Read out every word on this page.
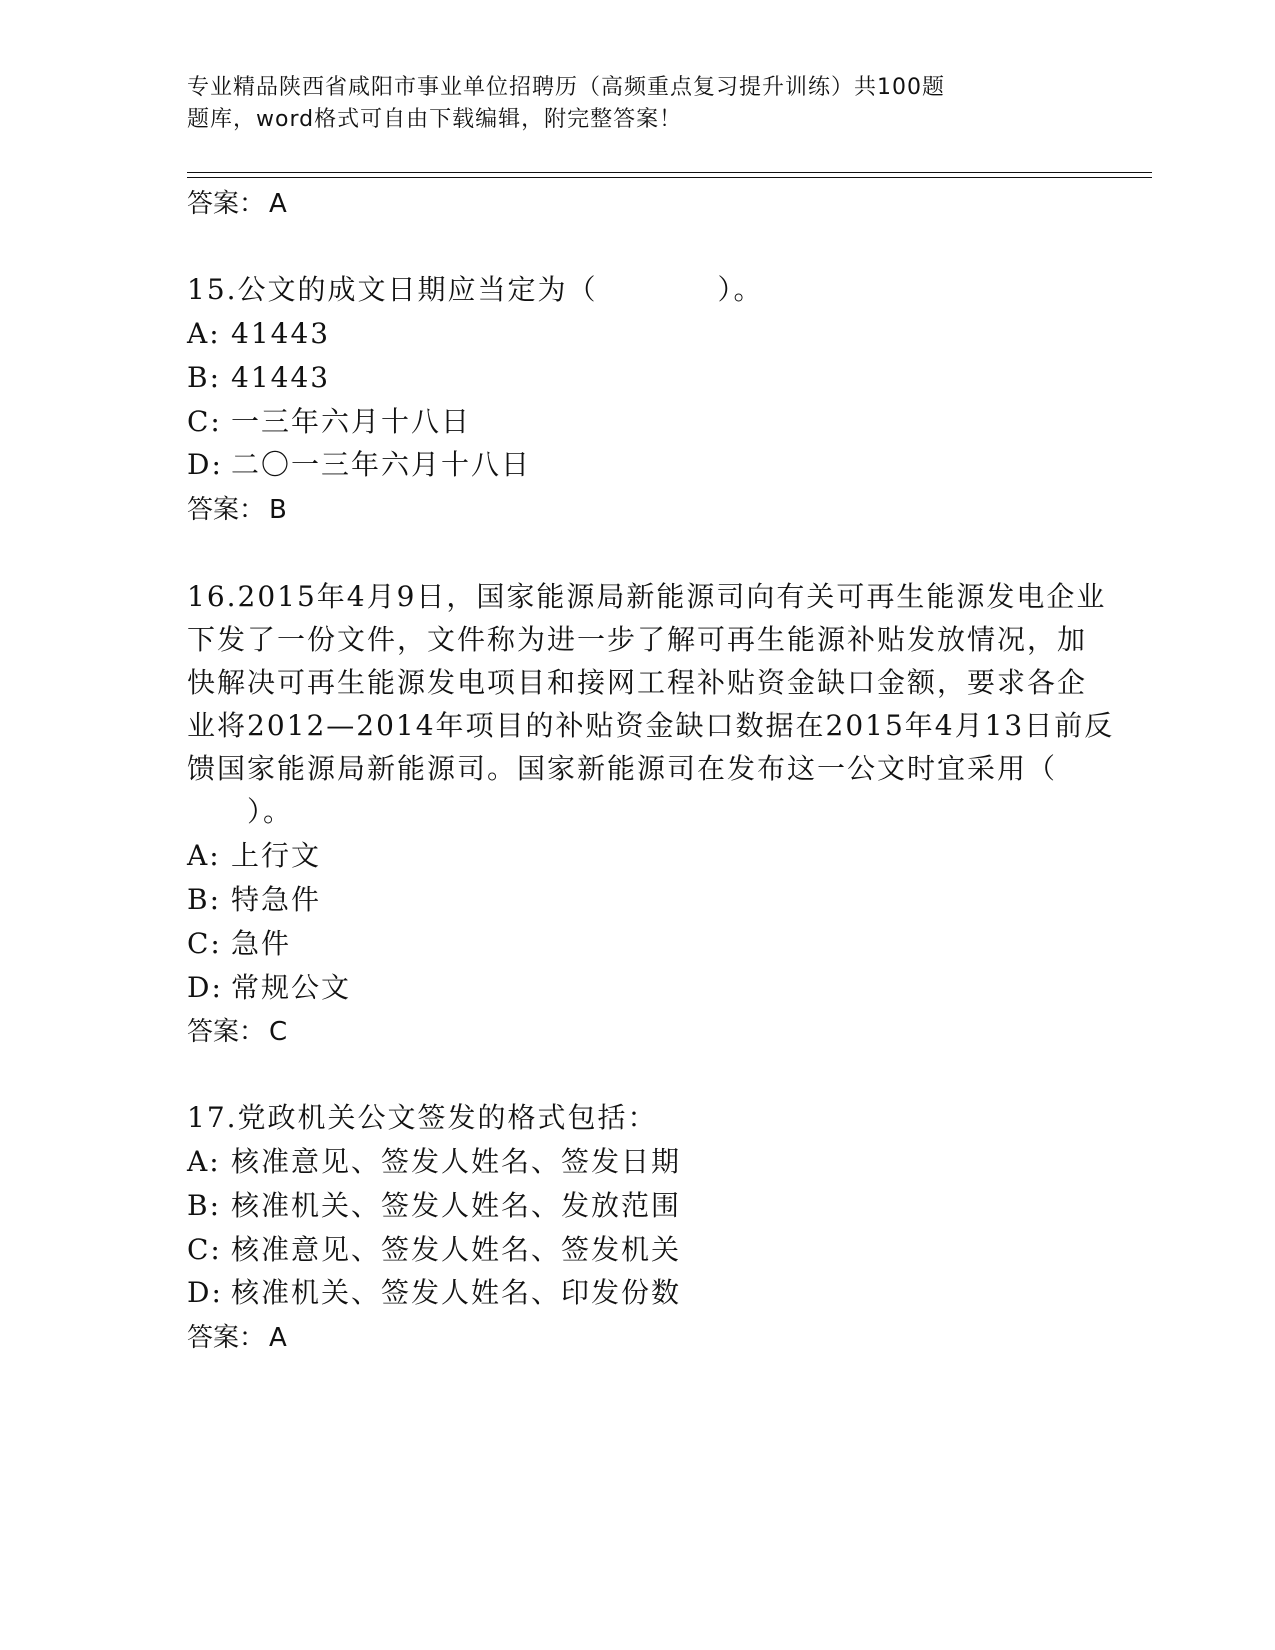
专业精品陕西省咸阳市事业单位招聘历（高频重点复习提升训练）共100题
题库，word格式可自由下载编辑，附完整答案！
答案： A
15.公文的成文日期应当定为（　　　　）。
A: 41443
B: 41443
C: 一三年六月十八日
D: 二〇一三年六月十八日
答案： B
16.2015年4月9日，国家能源局新能源司向有关可再生能源发电企业
下发了一份文件，文件称为进一步了解可再生能源补贴发放情况，加
快解决可再生能源发电项目和接网工程补贴资金缺口金额，要求各企
业将2012—2014年项目的补贴资金缺口数据在2015年4月13日前反
馈国家能源局新能源司。国家新能源司在发布这一公文时宜采用（
　　）。
A: 上行文
B: 特急件
C: 急件
D: 常规公文
答案： C
17.党政机关公文签发的格式包括：
A: 核准意见、签发人姓名、签发日期
B: 核准机关、签发人姓名、发放范围
C: 核准意见、签发人姓名、签发机关
D: 核准机关、签发人姓名、印发份数
答案： A
